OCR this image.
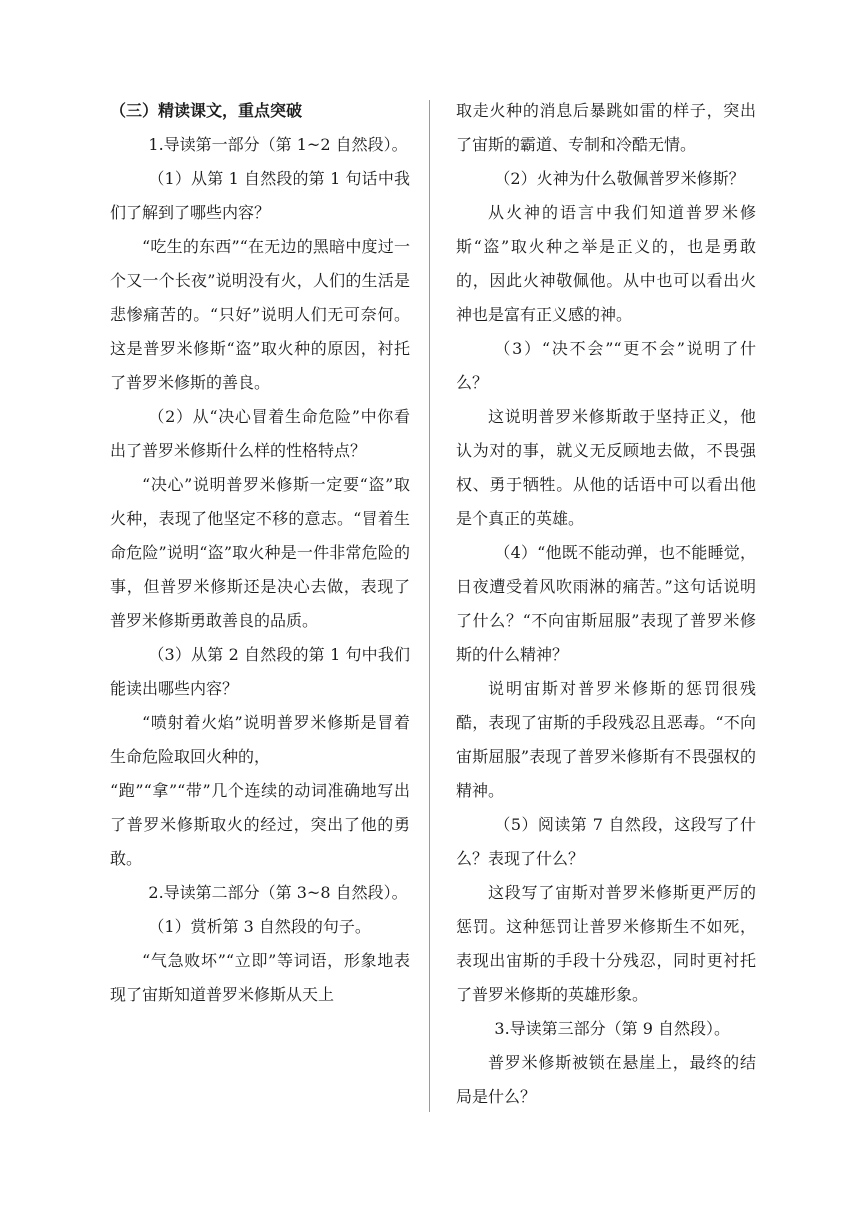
（三）精读课文，重点突破

1.导读第一部分（第 1~2 自然段）。

（1）从第 1 自然段的第 1 句话中我们了解到了哪些内容？

“吃生的东西”“在无边的黑暗中度过一个又一个长夜”说明没有火，人们的生活是悲惨痛苦的。“只好”说明人们无可奈何。这是普罗米修斯“盗”取火种的原因，衬托了普罗米修斯的善良。

（2）从“决心冒着生命危险”中你看出了普罗米修斯什么样的性格特点？

“决心”说明普罗米修斯一定要“盗”取火种，表现了他坚定不移的意志。“冒着生命危险”说明“盗”取火种是一件非常危险的事，但普罗米修斯还是决心去做，表现了普罗米修斯勇敢善良的品质。

（3）从第 2 自然段的第 1 句中我们能读出哪些内容？

“喷射着火焰”说明普罗米修斯是冒着生命危险取回火种的，

“跑”“拿”“带”几个连续的动词准确地写出了普罗米修斯取火的经过，突出了他的勇敢。

2.导读第二部分（第 3~8 自然段）。

（1）赏析第 3 自然段的句子。

“气急败坏”“立即”等词语，形象地表现了宙斯知道普罗米修斯从天上

取走火种的消息后暴跳如雷的样子，突出了宙斯的霸道、专制和冷酷无情。

（2）火神为什么敬佩普罗米修斯？

从火神的语言中我们知道普罗米修斯“盗”取火种之举是正义的，也是勇敢的，因此火神敬佩他。从中也可以看出火神也是富有正义感的神。

（3）“决不会”“更不会”说明了什么？

这说明普罗米修斯敢于坚持正义，他认为对的事，就义无反顾地去做，不畏强权、勇于牺牲。从他的话语中可以看出他是个真正的英雄。

（4）“他既不能动弹，也不能睡觉，日夜遭受着风吹雨淋的痛苦。”这句话说明了什么？“不向宙斯屈服”表现了普罗米修斯的什么精神？

说明宙斯对普罗米修斯的惩罚很残酷，表现了宙斯的手段残忍且恶毒。“不向宙斯屈服”表现了普罗米修斯有不畏强权的精神。

（5）阅读第 7 自然段，这段写了什么？表现了什么？

这段写了宙斯对普罗米修斯更严厉的惩罚。这种惩罚让普罗米修斯生不如死，表现出宙斯的手段十分残忍，同时更衬托了普罗米修斯的英雄形象。

3.导读第三部分（第 9 自然段）。

普罗米修斯被锁在悬崖上，最终的结局是什么？
